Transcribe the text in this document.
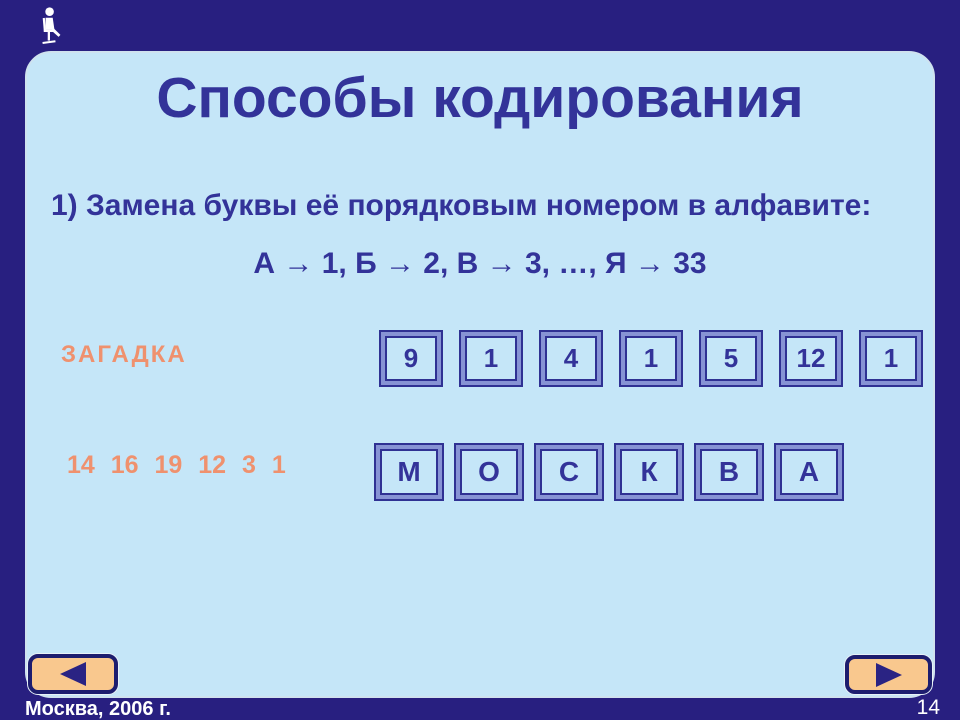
Способы кодирования
1) Замена буквы её порядковым номером в алфавите:
А → 1, Б → 2, В → 3, …, Я → 33
ЗАГАДКА	9	1	4	1	5	12	1
14 16 19 12 3 1	М	О	С	К	В	А
Москва, 2006 г.	14
